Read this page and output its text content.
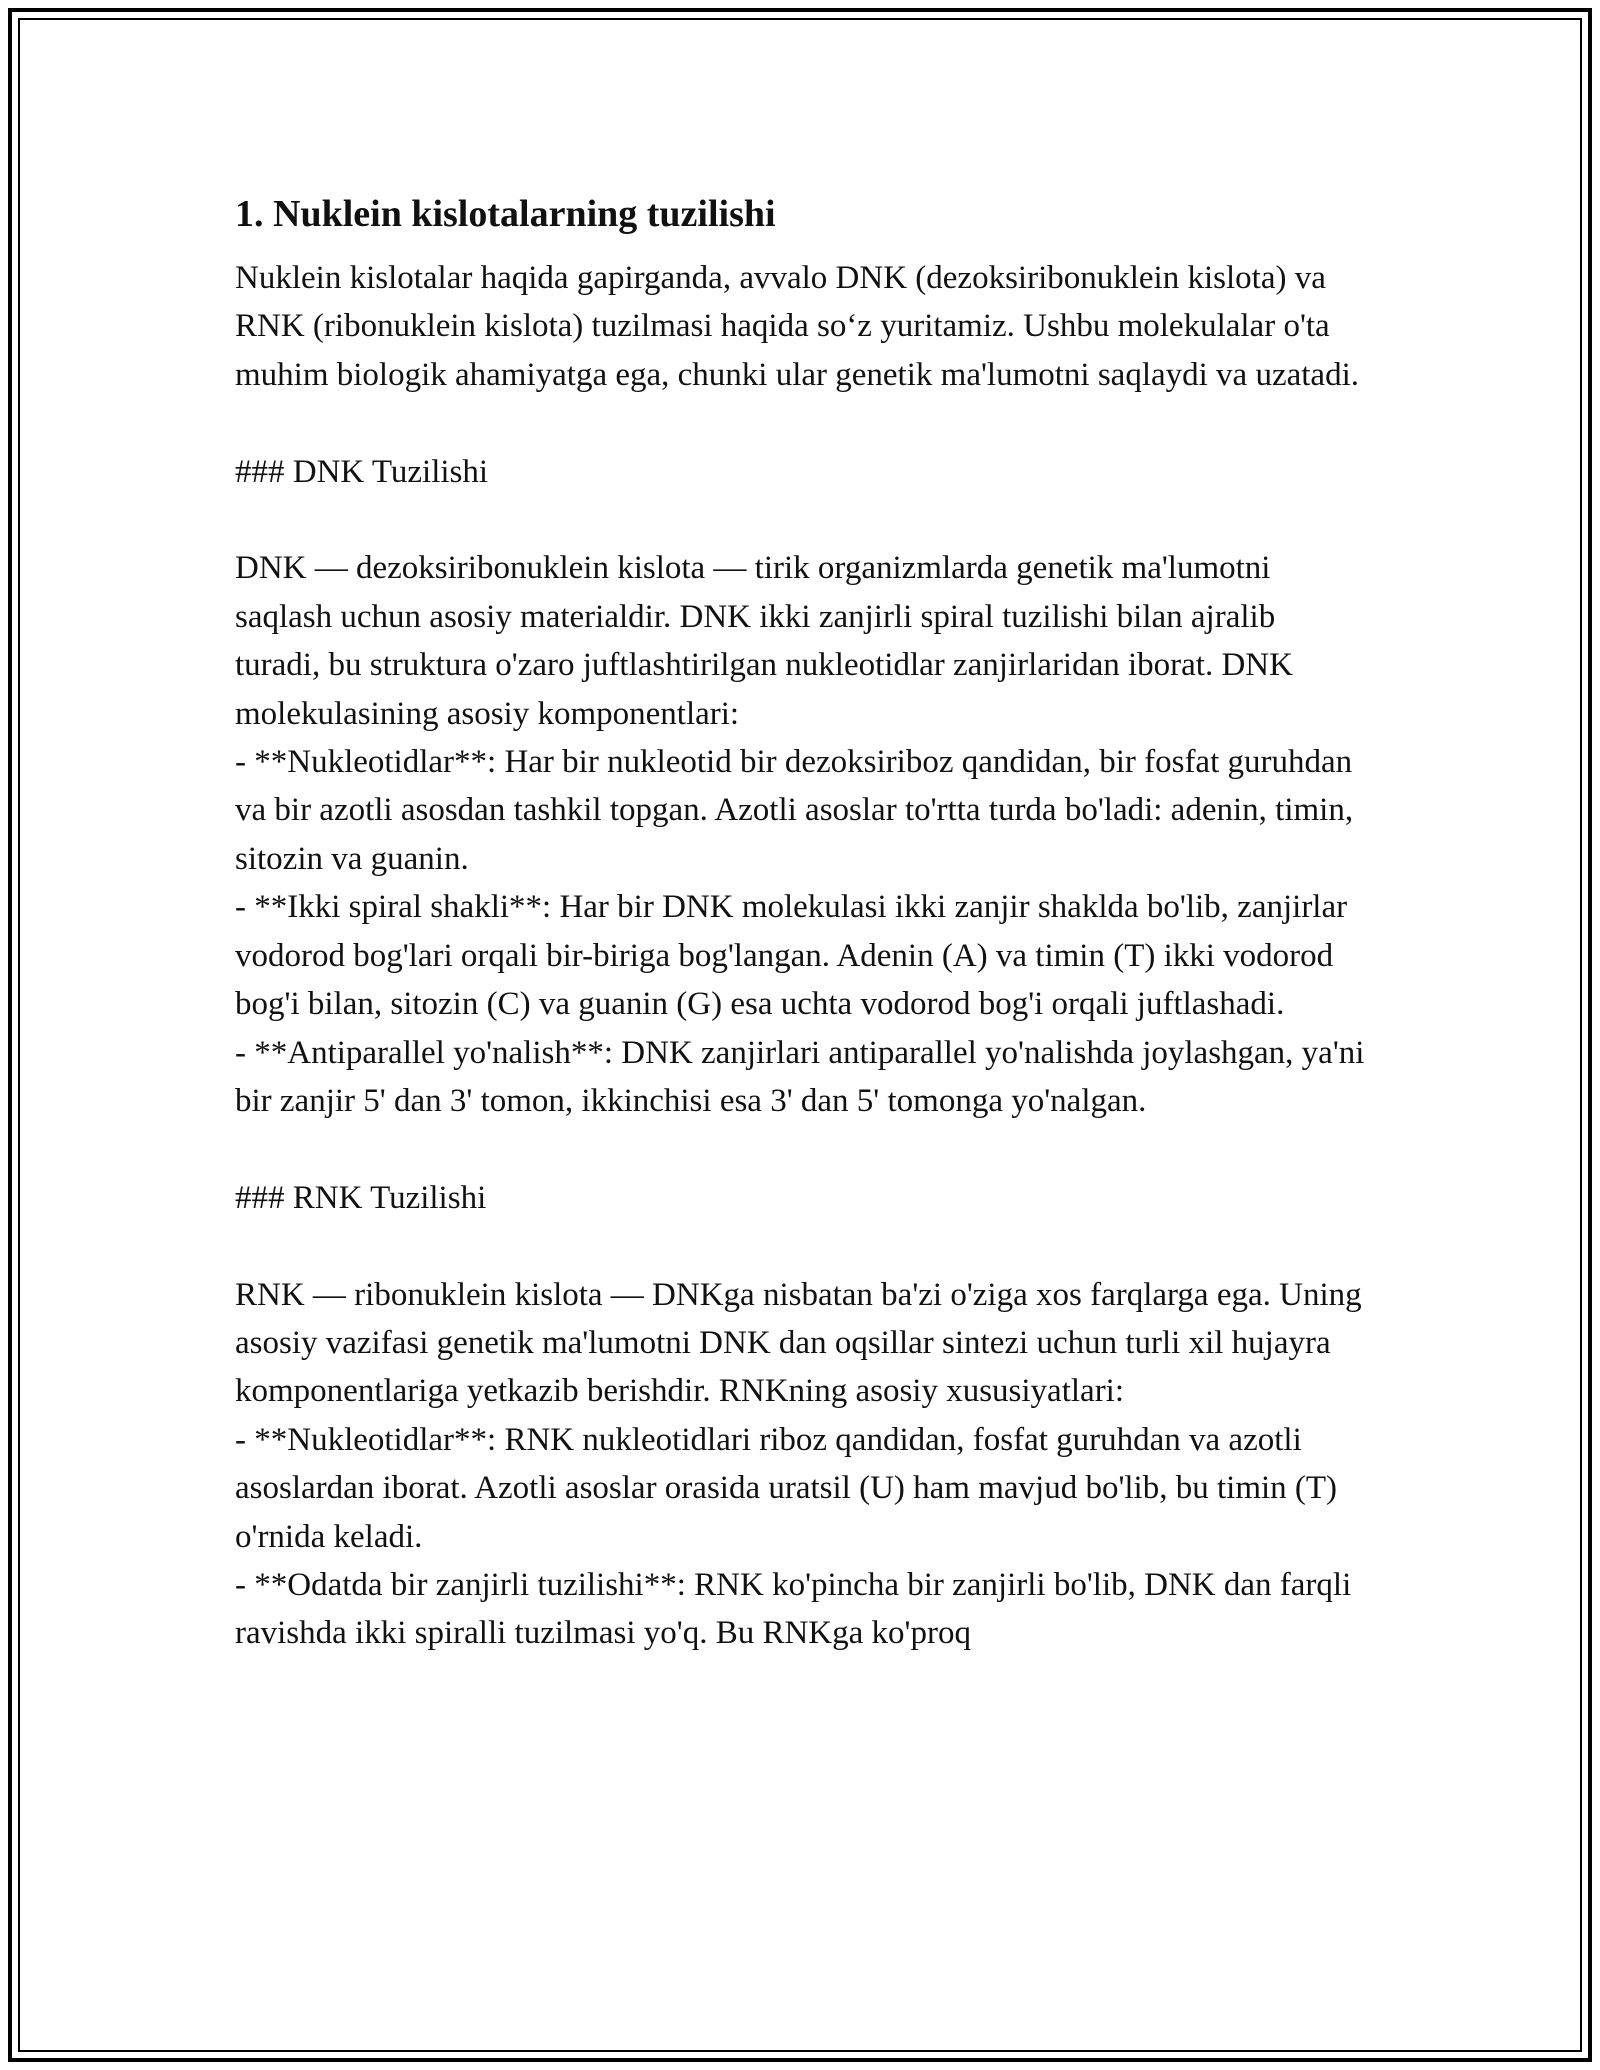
1. Nuklein kislotalarning tuzilishi

Nuklein kislotalar haqida gapirganda, avvalo DNK (dezoksiribonuklein kislota) va RNK (ribonuklein kislota) tuzilmasi haqida so‘z yuritamiz. Ushbu molekulalar o'ta muhim biologik ahamiyatga ega, chunki ular genetik ma'lumotni saqlaydi va uzatadi.

### DNK Tuzilishi

DNK — dezoksiribonuklein kislota — tirik organizmlarda genetik ma'lumotni saqlash uchun asosiy materialdir. DNK ikki zanjirli spiral tuzilishi bilan ajralib turadi, bu struktura o'zaro juftlashtirilgan nukleotidlar zanjirlaridan iborat. DNK molekulasining asosiy komponentlari:
- **Nukleotidlar**: Har bir nukleotid bir dezoksiriboz qandidan, bir fosfat guruhdan va bir azotli asosdan tashkil topgan. Azotli asoslar to'rtta turda bo'ladi: adenin, timin, sitozin va guanin.
- **Ikki spiral shakli**: Har bir DNK molekulasi ikki zanjir shaklda bo'lib, zanjirlar vodorod bog'lari orqali bir-biriga bog'langan. Adenin (A) va timin (T) ikki vodorod bog'i bilan, sitozin (C) va guanin (G) esa uchta vodorod bog'i orqali juftlashadi.
- **Antiparallel yo'nalish**: DNK zanjirlari antiparallel yo'nalishda joylashgan, ya'ni bir zanjir 5' dan 3' tomon, ikkinchisi esa 3' dan 5' tomonga yo'nalgan.

### RNK Tuzilishi

RNK — ribonuklein kislota — DNKga nisbatan ba'zi o'ziga xos farqlarga ega. Uning asosiy vazifasi genetik ma'lumotni DNK dan oqsillar sintezi uchun turli xil hujayra komponentlariga yetkazib berishdir. RNKning asosiy xususiyatlari:
- **Nukleotidlar**: RNK nukleotidlari riboz qandidan, fosfat guruhdan va azotli asoslardan iborat. Azotli asoslar orasida uratsil (U) ham mavjud bo'lib, bu timin (T) o'rnida keladi.
- **Odatda bir zanjirli tuzilishi**: RNK ko'pincha bir zanjirli bo'lib, DNK dan farqli ravishda ikki spiralli tuzilmasi yo'q. Bu RNKga ko'proq
